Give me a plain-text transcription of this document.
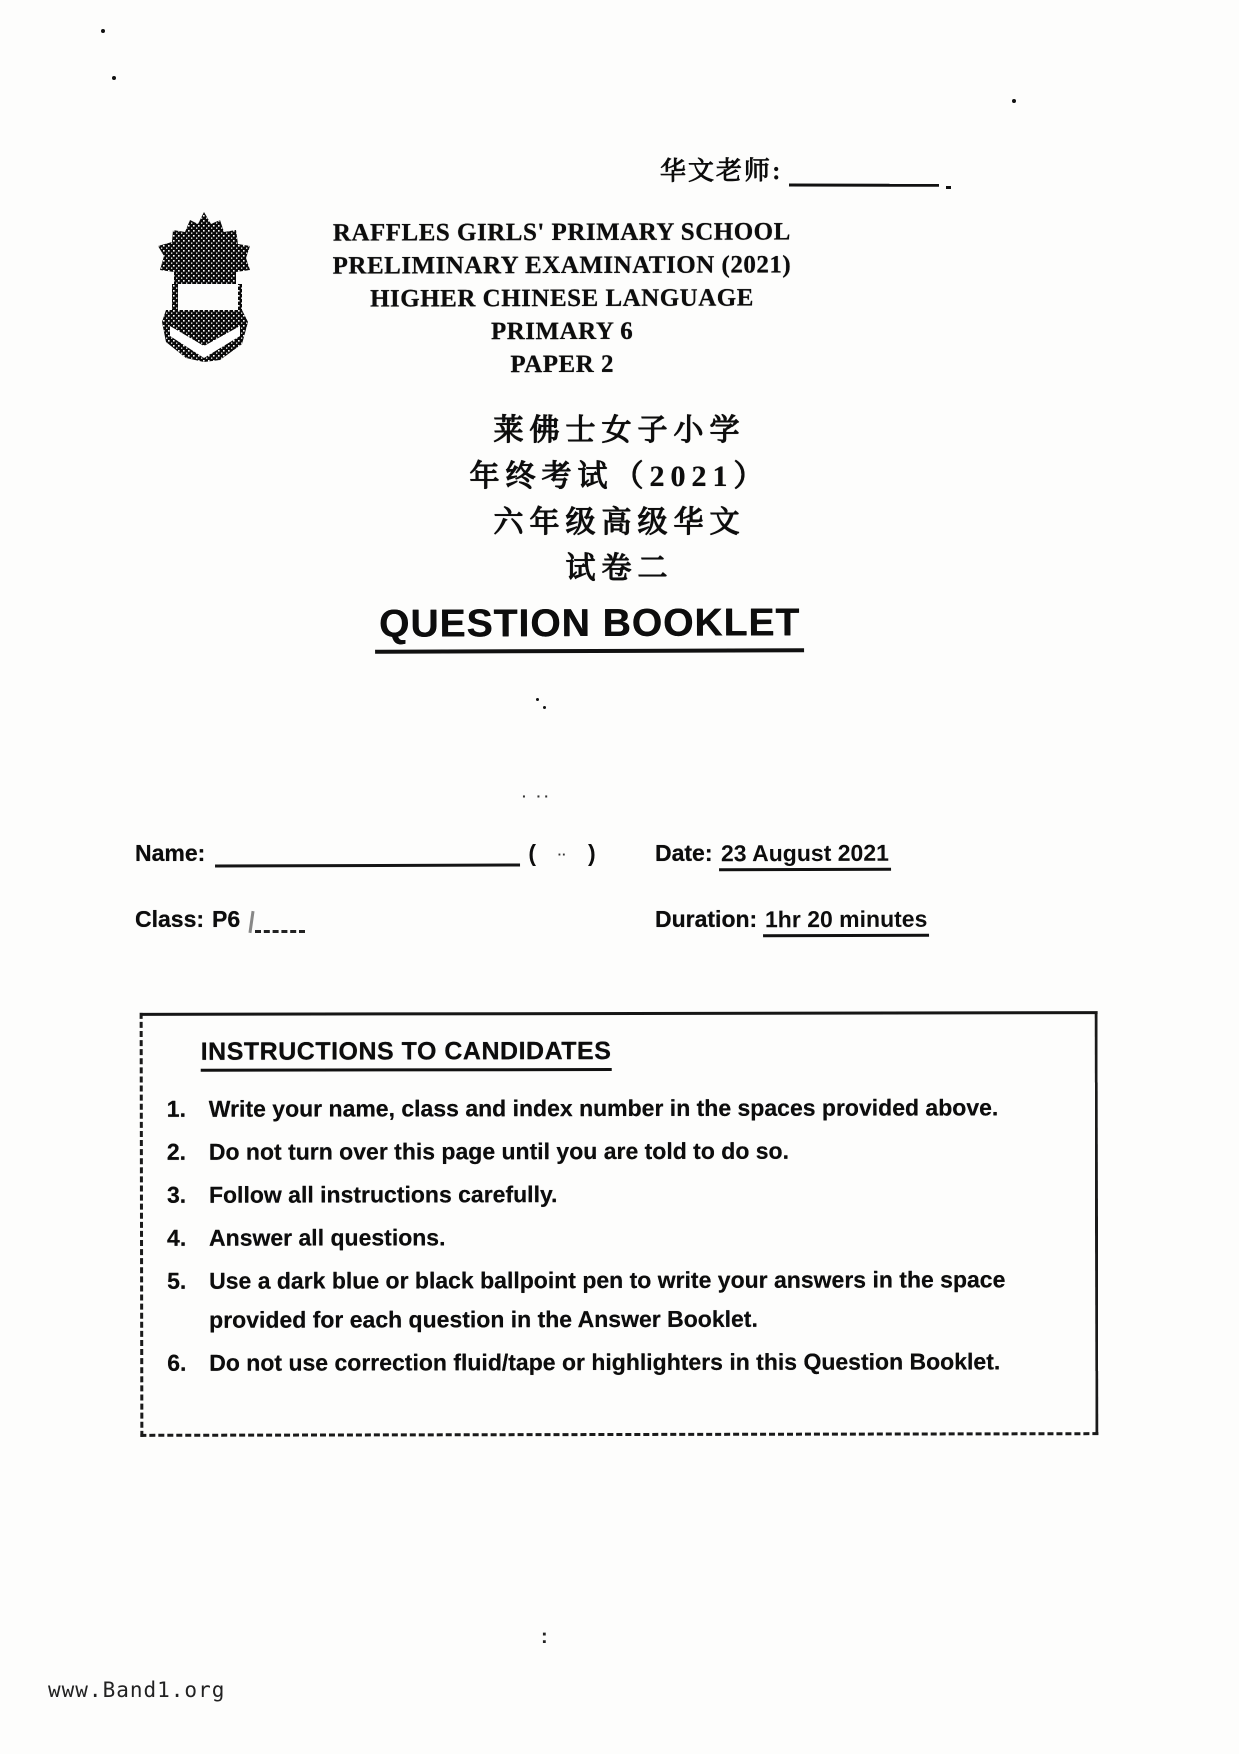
华文老师:
RAFFLES GIRLS' PRIMARY SCHOOL
PRELIMINARY EXAMINATION (2021)
HIGHER CHINESE LANGUAGE
PRIMARY 6
PAPER 2
莱佛士女子小学
年终考试（2021）
六年级高级华文
试卷二
QUESTION BOOKLET
· ··
Name:	( ·· )	Date: 23 August 2021
Class: P6	Duration: 1hr 20 minutes
INSTRUCTIONS TO CANDIDATES
1. Write your name, class and index number in the spaces provided above.
2. Do not turn over this page until you are told to do so.
3. Follow all instructions carefully.
4. Answer all questions.
5. Use a dark blue or black ballpoint pen to write your answers in the space provided for each question in the Answer Booklet.
6. Do not use correction fluid/tape or highlighters in this Question Booklet.
:
www.Band1.org
